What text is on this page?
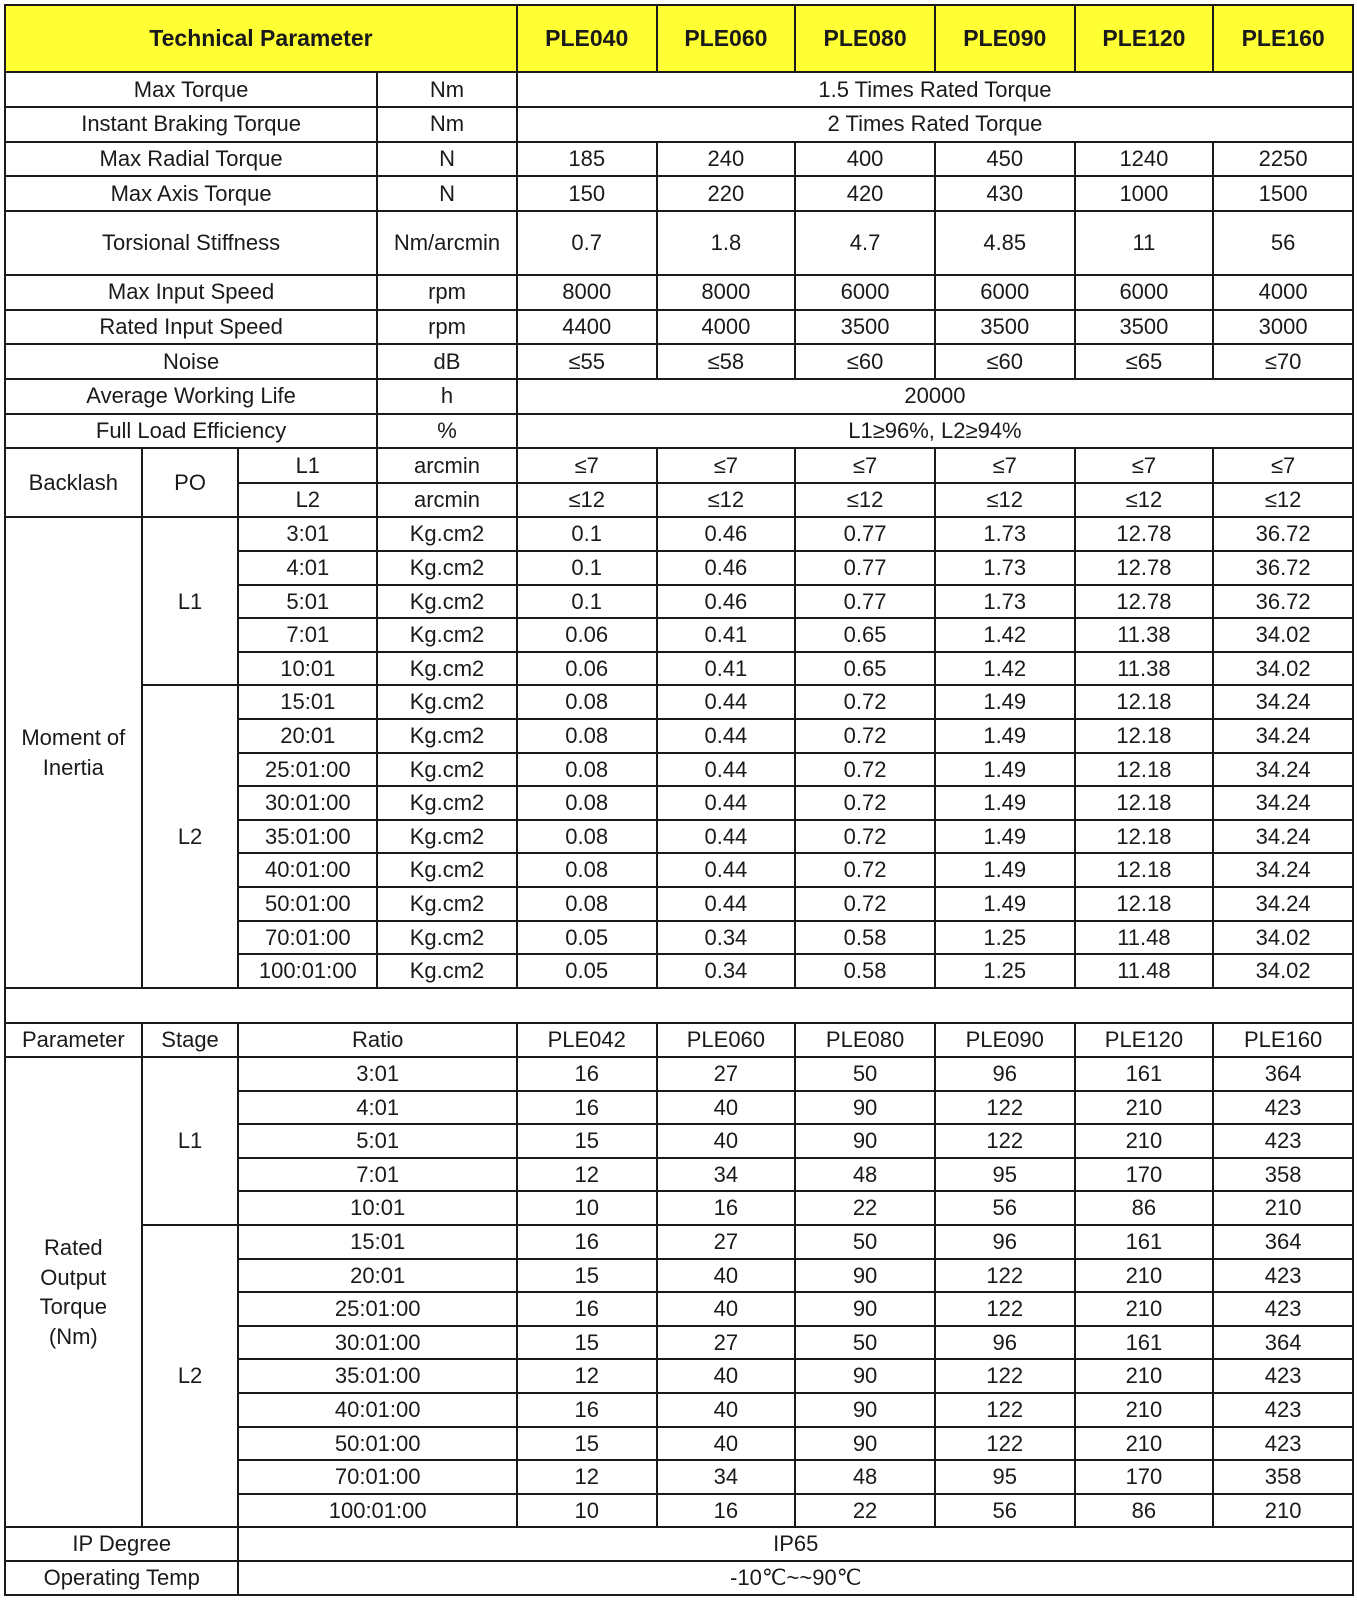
Technical Parameter				PLE040	PLE060	PLE080	PLE090	PLE120	PLE160
Max Torque			Nm	1.5 Times Rated Torque					
Instant Braking Torque			Nm	2 Times Rated Torque					
Max Radial Torque			N	185	240	400	450	1240	2250
Max Axis Torque			N	150	220	420	430	1000	1500
Torsional Stiffness			Nm/arcmin	0.7	1.8	4.7	4.85	11	56
Max Input Speed			rpm	8000	8000	6000	6000	6000	4000
Rated Input Speed			rpm	4400	4000	3500	3500	3500	3000
Noise			dB	≤55	≤58	≤60	≤60	≤65	≤70
Average Working Life			h	20000					
Full Load Efficiency			%	L1≥96%, L2≥94%					
Backlash	PO	L1	arcmin	≤7	≤7	≤7	≤7	≤7	≤7
		L2	arcmin	≤12	≤12	≤12	≤12	≤12	≤12
Moment of Inertia	L1	3:01	Kg.cm2	0.1	0.46	0.77	1.73	12.78	36.72
		4:01	Kg.cm2	0.1	0.46	0.77	1.73	12.78	36.72
		5:01	Kg.cm2	0.1	0.46	0.77	1.73	12.78	36.72
		7:01	Kg.cm2	0.06	0.41	0.65	1.42	11.38	34.02
		10:01	Kg.cm2	0.06	0.41	0.65	1.42	11.38	34.02
	L2	15:01	Kg.cm2	0.08	0.44	0.72	1.49	12.18	34.24
		20:01	Kg.cm2	0.08	0.44	0.72	1.49	12.18	34.24
		25:01:00	Kg.cm2	0.08	0.44	0.72	1.49	12.18	34.24
		30:01:00	Kg.cm2	0.08	0.44	0.72	1.49	12.18	34.24
		35:01:00	Kg.cm2	0.08	0.44	0.72	1.49	12.18	34.24
		40:01:00	Kg.cm2	0.08	0.44	0.72	1.49	12.18	34.24
		50:01:00	Kg.cm2	0.08	0.44	0.72	1.49	12.18	34.24
		70:01:00	Kg.cm2	0.05	0.34	0.58	1.25	11.48	34.02
		100:01:00	Kg.cm2	0.05	0.34	0.58	1.25	11.48	34.02

Parameter	Stage	Ratio		PLE042	PLE060	PLE080	PLE090	PLE120	PLE160
Rated Output Torque (Nm)	L1	3:01		16	27	50	96	161	364
		4:01		16	40	90	122	210	423
		5:01		15	40	90	122	210	423
		7:01		12	34	48	95	170	358
		10:01		10	16	22	56	86	210
	L2	15:01		16	27	50	96	161	364
		20:01		15	40	90	122	210	423
		25:01:00		16	40	90	122	210	423
		30:01:00		15	27	50	96	161	364
		35:01:00		12	40	90	122	210	423
		40:01:00		16	40	90	122	210	423
		50:01:00		15	40	90	122	210	423
		70:01:00		12	34	48	95	170	358
		100:01:00		10	16	22	56	86	210
IP Degree		IP65							
Operating Temp		-10℃~~90℃							
